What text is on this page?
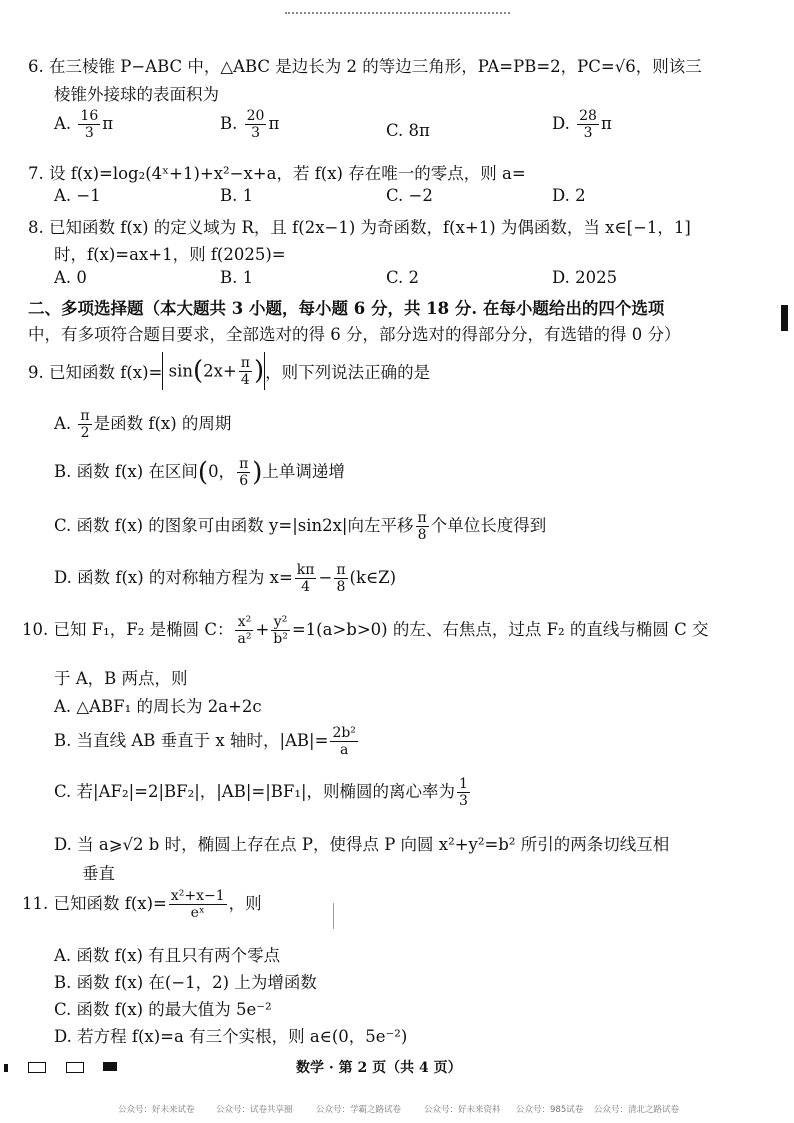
6. 在三棱锥 P−ABC 中，△ABC 是边长为 2 的等边三角形，PA=PB=2，PC=√6，则该三
棱锥外接球的表面积为
A. $\frac{16}{3}$ π	B. $\frac{20}{3}$ π	C. 8π	D. $\frac{28}{3}$ π
7. 设 f(x)=log₂(4ˣ+1)+x²−x+a，若 f(x) 存在唯一的零点，则 a=
A. −1	B. 1	C. −2	D. 2
8. 已知函数 f(x) 的定义域为 R，且 f(2x−1) 为奇函数，f(x+1) 为偶函数，当 x∈[−1，1]
时，f(x)=ax+1，则 f(2025)=
A. 0	B. 1	C. 2	D. 2025
二、多项选择题（本大题共 3 小题，每小题 6 分，共 18 分. 在每小题给出的四个选项
中，有多项符合题目要求，全部选对的得 6 分，部分选对的得部分分，有选错的得 0 分）
9. 已知函数 $f(x)= \sin(2x+ \frac{\pi}{4}$ )，则下列说法正确的是
A. $\frac{\pi}{2}$ 是函数 f(x) 的周期
B. 函数 f(x) 在区间(0， $\frac{\pi}{6}$ )上单调递增
C. 函数 f(x) 的图象可由函数 y=|sin2x|向左平移 $\frac{\pi}{8}$ 个单位长度得到
D. 函数 f(x) 的对称轴方程为 $x= \frac{k\pi}{4} - \frac{\pi}{8}$ (k∈Z)
10. 已知 F₁，F₂ 是椭圆 C： $\frac{\text{x²}}{\text{a²}} + \frac{\text{y²}}{\text{b²}} =1(a>b>0)$ 的左、右焦点，过点 F₂ 的直线与椭圆 C 交
于 A，B 两点，则
A. △ABF₁ 的周长为 2a+2c
B. 当直线 AB 垂直于 x 轴时，$|AB|= \frac{\text{2b²}}{a}$
C. 若|AF₂|=2|BF₂|，|AB|=|BF₁|，则椭圆的离心率为 $\frac{1}{3}$
D. 当 a⩾√2 b 时，椭圆上存在点 P，使得点 P 向圆 x²+y²=b² 所引的两条切线互相
垂直
11. 已知函数 $f(x)= \frac{\text{x²+x−1}}{\text{eˣ}}$ ，则
A. 函数 f(x) 有且只有两个零点
B. 函数 f(x) 在(−1，2) 上为增函数
C. 函数 f(x) 的最大值为 5e⁻²
D. 若方程 f(x)=a 有三个实根，则 a∈(0，5e⁻²)
数学 · 第 2 页（共 4 页）
公众号：好未来试卷	公众号：试卷共享圈	公众号：学霸之路试卷	公众号：好未来资料 公众号：985试卷 公众号：清北之路试卷
